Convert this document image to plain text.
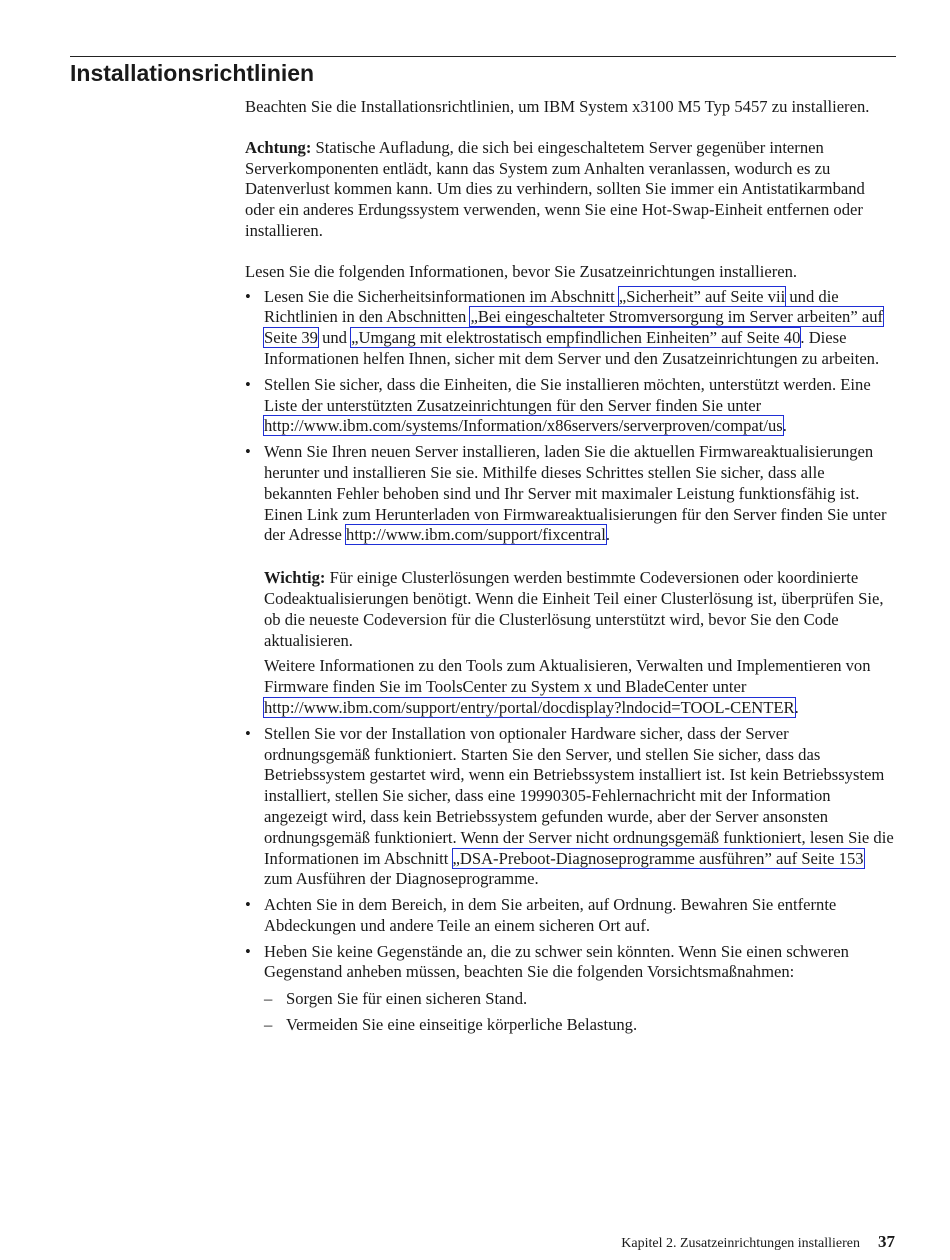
Installationsrichtlinien

Beachten Sie die Installationsrichtlinien, um IBM System x3100 M5 Typ 5457 zu installieren.

Achtung: Statische Aufladung, die sich bei eingeschaltetem Server gegenüber internen Serverkomponenten entlädt, kann das System zum Anhalten veranlassen, wodurch es zu Datenverlust kommen kann. Um dies zu verhindern, sollten Sie immer ein Antistatikarmband oder ein anderes Erdungssystem verwenden, wenn Sie eine Hot-Swap-Einheit entfernen oder installieren.

Lesen Sie die folgenden Informationen, bevor Sie Zusatzeinrichtungen installieren.

• Lesen Sie die Sicherheitsinformationen im Abschnitt „Sicherheit” auf Seite vii und die Richtlinien in den Abschnitten „Bei eingeschalteter Stromversorgung im Server arbeiten” auf Seite 39 und „Umgang mit elektrostatisch empfindlichen Einheiten” auf Seite 40. Diese Informationen helfen Ihnen, sicher mit dem Server und den Zusatzeinrichtungen zu arbeiten.
• Stellen Sie sicher, dass die Einheiten, die Sie installieren möchten, unterstützt werden. Eine Liste der unterstützten Zusatzeinrichtungen für den Server finden Sie unter http://www.ibm.com/systems/Information/x86servers/serverproven/compat/us.
• Wenn Sie Ihren neuen Server installieren, laden Sie die aktuellen Firmwareaktualisierungen herunter und installieren Sie sie. Mithilfe dieses Schrittes stellen Sie sicher, dass alle bekannten Fehler behoben sind und Ihr Server mit maximaler Leistung funktionsfähig ist. Einen Link zum Herunterladen von Firmwareaktualisierungen für den Server finden Sie unter der Adresse http://www.ibm.com/support/fixcentral.

Wichtig: Für einige Clusterlösungen werden bestimmte Codeversionen oder koordinierte Codeaktualisierungen benötigt. Wenn die Einheit Teil einer Clusterlösung ist, überprüfen Sie, ob die neueste Codeversion für die Clusterlösung unterstützt wird, bevor Sie den Code aktualisieren.

Weitere Informationen zu den Tools zum Aktualisieren, Verwalten und Implementieren von Firmware finden Sie im ToolsCenter zu System x und BladeCenter unter http://www.ibm.com/support/entry/portal/docdisplay?lndocid=TOOL-CENTER.

• Stellen Sie vor der Installation von optionaler Hardware sicher, dass der Server ordnungsgemäß funktioniert. Starten Sie den Server, und stellen Sie sicher, dass das Betriebssystem gestartet wird, wenn ein Betriebssystem installiert ist. Ist kein Betriebssystem installiert, stellen Sie sicher, dass eine 19990305-Fehlernachricht mit der Information angezeigt wird, dass kein Betriebssystem gefunden wurde, aber der Server ansonsten ordnungsgemäß funktioniert. Wenn der Server nicht ordnungsgemäß funktioniert, lesen Sie die Informationen im Abschnitt „DSA-Preboot-Diagnoseprogramme ausführen” auf Seite 153 zum Ausführen der Diagnoseprogramme.
• Achten Sie in dem Bereich, in dem Sie arbeiten, auf Ordnung. Bewahren Sie entfernte Abdeckungen und andere Teile an einem sicheren Ort auf.
• Heben Sie keine Gegenstände an, die zu schwer sein könnten. Wenn Sie einen schweren Gegenstand anheben müssen, beachten Sie die folgenden Vorsichtsmaßnahmen:
– Sorgen Sie für einen sicheren Stand.
– Vermeiden Sie eine einseitige körperliche Belastung.
Kapitel 2. Zusatzeinrichtungen installieren 37
